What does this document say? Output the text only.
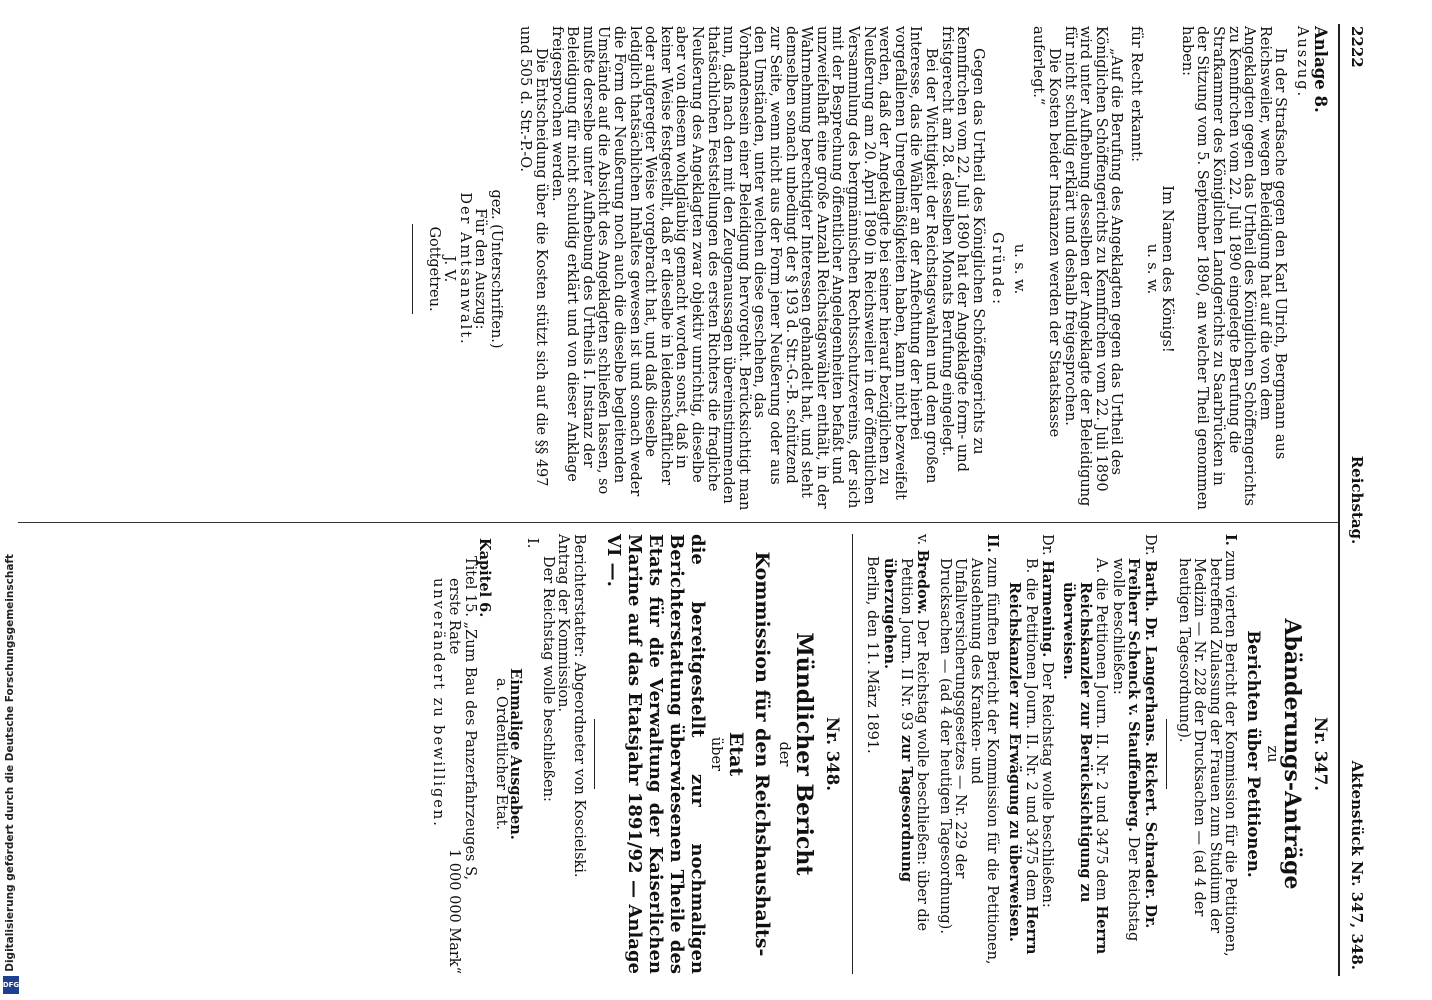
2222
Reichstag.
Aktenstück Nr. 347, 348.

Anlage 8.

Auszug.

In der Strafsache gegen den Karl Ulrich, Bergmann aus Reichsweiler, wegen Beleidigung hat auf die von dem Angeklagten gegen das Urtheil des Königlichen Schöffengerichts zu Kennfirchen vom 22. Juli 1890 eingelegte Berufung die Strafkammer des Königlichen Landgerichts zu Saarbrücken in der Sitzung vom 5. September 1890, an welcher Theil genommen haben:

Im Namen des Königs!

u. s. w.

für Recht erkannt:

„Auf die Berufung des Angeklagten gegen das Urtheil des Königlichen Schöffengerichts zu Kennfirchen vom 22. Juli 1890 wird unter Aufhebung desselben der Angeklagte der Beleidigung für nicht schuldig erklärt und deshalb freigesprochen.

Die Kosten beider Instanzen werden der Staatskasse auferlegt.“

u. s. w.

Gründe:

Gegen das Urtheil des Königlichen Schöffengerichts zu Kennfirchen vom 22. Juli 1890 hat der Angeklagte form- und fristgerecht am 28. desselben Monats Berufung eingelegt.

Bei der Wichtigkeit der Reichstagswahlen und dem großen Interesse, das die Wähler an der Anfechtung der hierbei vorgefallenen Unregelmäßigkeiten haben, kann nicht bezweifelt werden, daß der Angeklagte bei seiner hierauf bezüglichen zu Neußerung am 20. April 1890 in Reichsweiler in der öffentlichen Versammlung des bergmännischen Rechtsschutzvereins, der sich mit der Besprechung öffentlicher Angelegenheiten befaßt und unzweifelhaft eine große Anzahl Reichstagswähler enthält, in der Wahrnehmung berechtigter Interessen gehandelt hat, und steht demselben sonach unbedingt der § 193 d. Str.-G.-B. schützend zur Seite, wenn nicht aus der Form jener Neußerung oder aus den Umständen, unter welchen diese geschehen, das Vorhandensein einer Beleidigung hervorgeht. Berücksichtigt man nun, daß nach den mit den Zeugenaussagen übereinstimmenden thatsächlichen Feststellungen des ersten Richters die fragliche Neußerung des Angeklagten zwar objektiv unrichtig, dieselbe aber von diesem wohlgläubig gemacht worden sonst, daß in keiner Weise festgestellt, daß er dieselbe in leidenschaftlicher oder aufgeregter Weise vorgebracht hat, und daß dieselbe lediglich thatsächlichen Inhaltes gewesen ist und sonach weder die Form der Neußerung noch auch die dieselbe begleitenden Umstände auf die Absicht des Angeklagten schließen lassen, so mußte derselbe unter Aufhebung des Urtheils I. Instanz der Beleidigung für nicht schuldig erklärt und von dieser Anklage freigesprochen werden.

Die Entscheidung über die Kosten stützt sich auf die §§ 497 und 505 d. Str.-P.-O.

gez. (Unterschriften.)

Für den Auszug:

Der Amtsanwalt.

J. V.

Gottgetreu.

Nr. 347.

Abänderungs-Anträge

zu

Berichten über Petitionen.

I. zum vierten Bericht der Kommission für die Petitionen, betreffend Zulassung der Frauen zum Studium der Medizin — Nr. 228 der Drucksachen — (ad 4 der heutigen Tagesordnung).

Dr. Barth. Dr. Langerhans. Rickert. Schrader. Dr. Freiherr Schenck v. Stauffenberg. Der Reichstag wolle beschließen:

A. die Petitionen Journ. II. Nr. 2 und 3475 dem Herrn Reichskanzler zur Berücksichtigung zu überweisen.

Dr. Harmening. Der Reichstag wolle beschließen:

B. die Petitionen Journ. II. Nr. 2 und 3475 dem Herrn Reichskanzler zur Erwägung zu überweisen.

II. zum fünften Bericht der Kommission für die Petitionen, Ausdehnung des Kranken- und Unfallversicherungsgesetzes — Nr. 229 der Drucksachen — (ad 4 der heutigen Tagesordnung).

v. Bredow. Der Reichstag wolle beschließen: über die Petition Journ. II Nr. 93 zur Tagesordnung überzugehen.

Berlin, den 11. März 1891.

Nr. 348.

Mündlicher Bericht

der

Kommission für den Reichshaushalts-Etat

über

die bereitgestellt zur nochmaligen Berichterstattung überwiesenen Theile des Etats für die Verwaltung der Kaiserlichen Marine auf das Etatsjahr 1891/92 — Anlage VI —.

Berichterstatter: Abgeordneter von Koscielski.

Antrag der Kommission.

Der Reichstag wolle beschließen:

I.

Einmalige Ausgaben.

a. Ordentlicher Etat.

Kapitel 6.

Titel 15. „Zum Bau des Panzerfahrzeuges S,

erste Rate
1 000 000 Mark“

unverändert zu bewilligen.

Digitalisierung gefördert durch die Deutsche Forschungsgemeinschaft
DFG
